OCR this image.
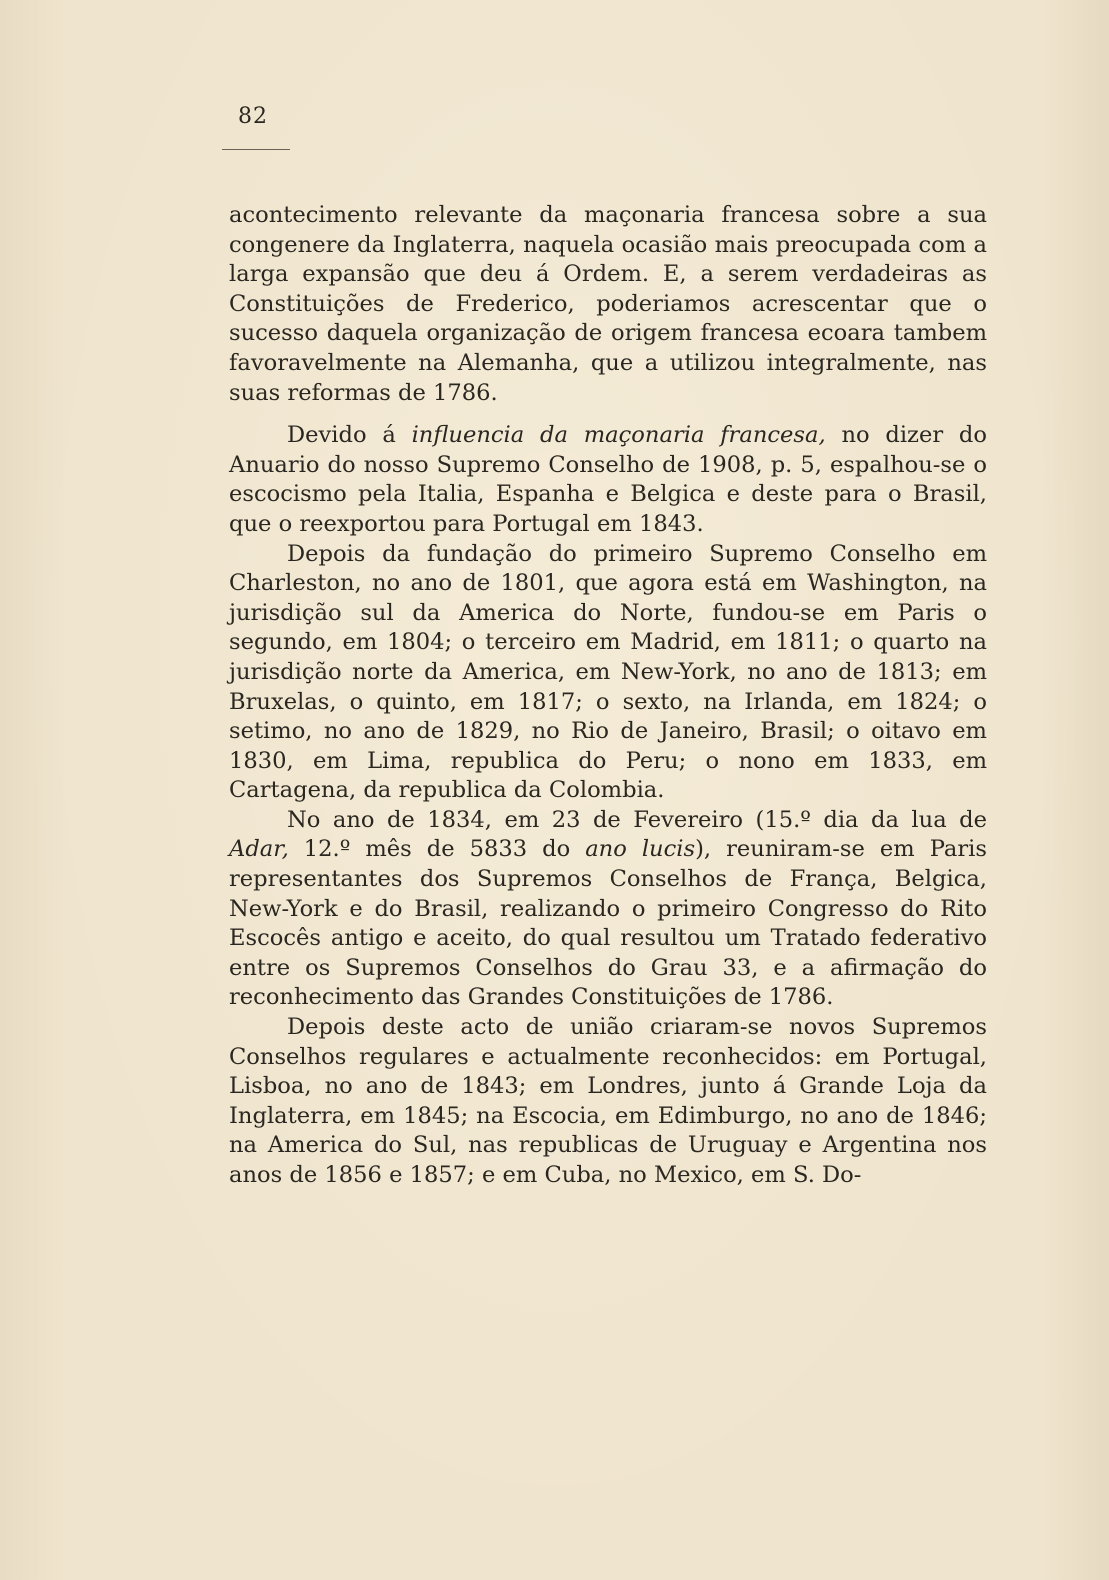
82

acontecimento relevante da maçonaria francesa sobre a sua congenere da Inglaterra, naquela ocasião mais preocupada com a larga expansão que deu á Ordem. E, a serem verdadeiras as Constituições de Frederico, poderiamos acrescentar que o sucesso daquela organização de origem francesa ecoara tambem favoravelmente na Alemanha, que a utilizou integralmente, nas suas reformas de 1786.

Devido á influencia da maçonaria francesa, no dizer do Anuario do nosso Supremo Conselho de 1908, p. 5, espalhou-se o escocismo pela Italia, Espanha e Belgica e deste para o Brasil, que o reexportou para Portugal em 1843.

Depois da fundação do primeiro Supremo Conselho em Charleston, no ano de 1801, que agora está em Washington, na jurisdição sul da America do Norte, fundou-se em Paris o segundo, em 1804; o terceiro em Madrid, em 1811; o quarto na jurisdição norte da America, em New-York, no ano de 1813; em Bruxelas, o quinto, em 1817; o sexto, na Irlanda, em 1824; o setimo, no ano de 1829, no Rio de Janeiro, Brasil; o oitavo em 1830, em Lima, republica do Peru; o nono em 1833, em Cartagena, da republica da Colombia.

No ano de 1834, em 23 de Fevereiro (15.º dia da lua de Adar, 12.º mês de 5833 do ano lucis), reuniram-se em Paris representantes dos Supremos Conselhos de França, Belgica, New-York e do Brasil, realizando o primeiro Congresso do Rito Escocês antigo e aceito, do qual resultou um Tratado federativo entre os Supremos Conselhos do Grau 33, e a afirmação do reconhecimento das Grandes Constituições de 1786.

Depois deste acto de união criaram-se novos Supremos Conselhos regulares e actualmente reconhecidos: em Portugal, Lisboa, no ano de 1843; em Londres, junto á Grande Loja da Inglaterra, em 1845; na Escocia, em Edimburgo, no ano de 1846; na America do Sul, nas republicas de Uruguay e Argentina nos anos de 1856 e 1857; e em Cuba, no Mexico, em S. Do-
